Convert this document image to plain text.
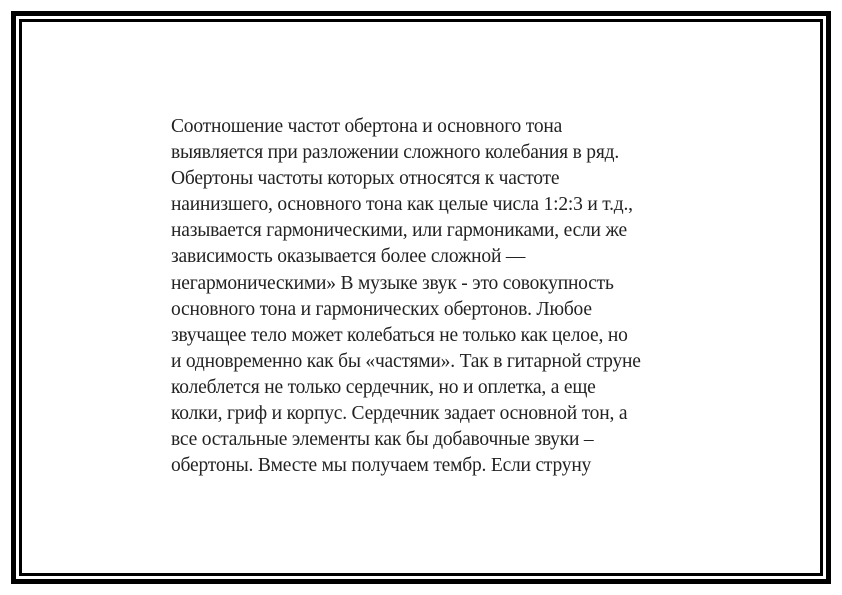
Соотношение частот обертона и основного тона
выявляется при разложении сложного колебания в ряд.
Обертоны частоты которых относятся к частоте
наинизшего, основного тона как целые числа 1:2:3 и т.д.,
называется гармоническими, или гармониками, если же
зависимость оказывается более сложной —
негармоническими» В музыке звук - это совокупность
основного тона и гармонических обертонов. Любое
звучащее тело может колебаться не только как целое, но
и одновременно как бы «частями». Так в гитарной струне
колеблется не только сердечник, но и оплетка, а еще
колки, гриф и корпус. Сердечник задает основной тон, а
все остальные элементы как бы добавочные звуки –
обертоны. Вместе мы получаем тембр. Если струну
